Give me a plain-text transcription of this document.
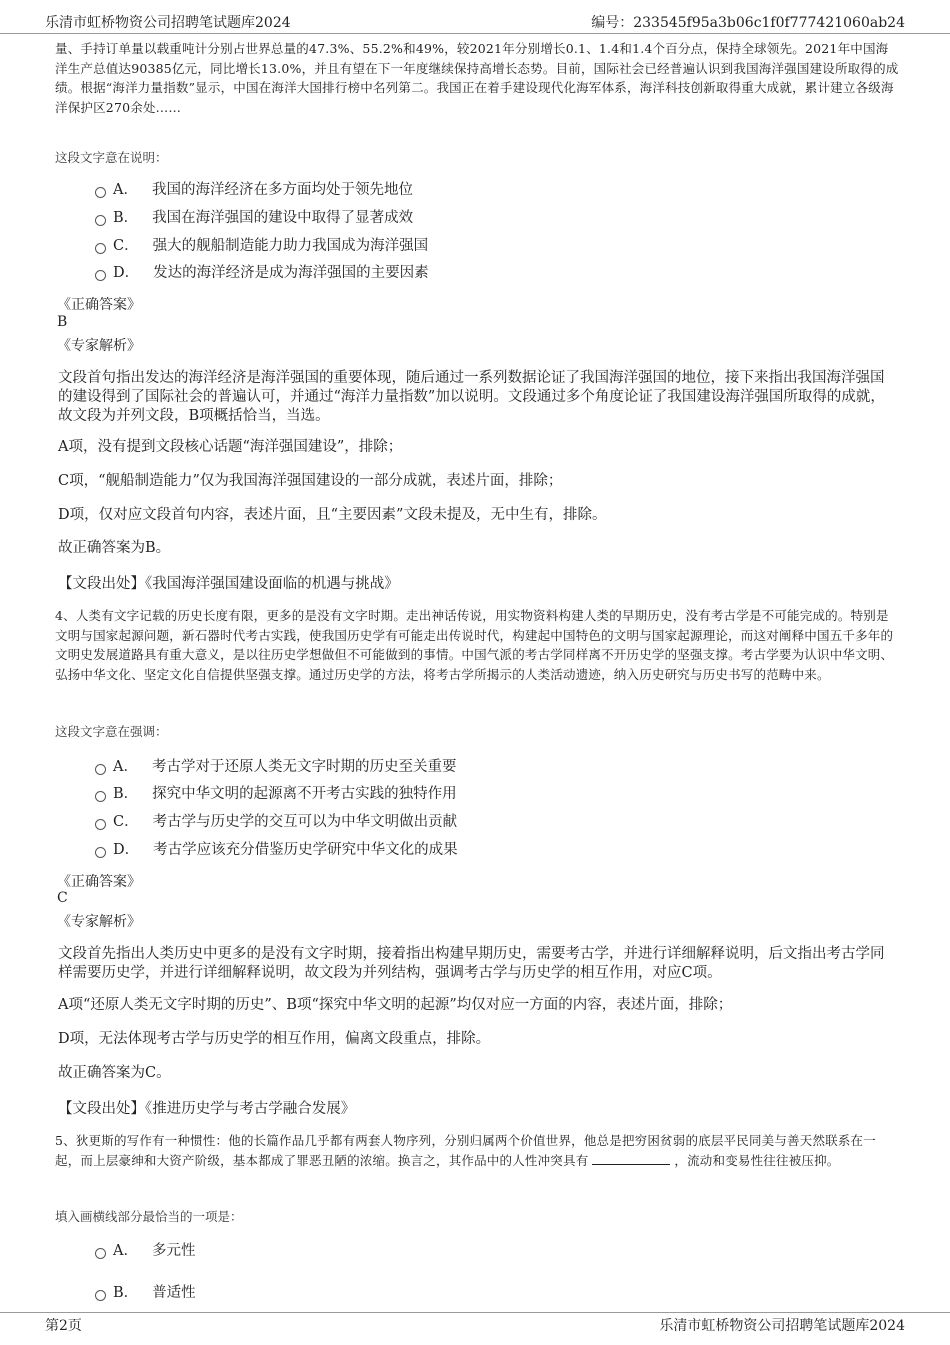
乐清市虹桥物资公司招聘笔试题库2024	编号：233545f95a3b06c1f0f777421060ab24

量、手持订单量以载重吨计分别占世界总量的47.3%、55.2%和49%，较2021年分别增长0.1、1.4和1.4个百分点，保持全球领先。2021年中国海洋生产总值达90385亿元，同比增长13.0%，并且有望在下一年度继续保持高增长态势。目前，国际社会已经普遍认识到我国海洋强国建设所取得的成绩。根据“海洋力量指数”显示，中国在海洋大国排行榜中名列第二。我国正在着手建设现代化海军体系，海洋科技创新取得重大成就，累计建立各级海洋保护区270余处……

这段文字意在说明：
A． 我国的海洋经济在多方面均处于领先地位
B． 我国在海洋强国的建设中取得了显著成效
C． 强大的舰船制造能力助力我国成为海洋强国
D． 发达的海洋经济是成为海洋强国的主要因素
《正确答案》
B
《专家解析》

文段首句指出发达的海洋经济是海洋强国的重要体现，随后通过一系列数据论证了我国海洋强国的地位，接下来指出我国海洋强国的建设得到了国际社会的普遍认可，并通过“海洋力量指数”加以说明。文段通过多个角度论证了我国建设海洋强国所取得的成就，故文段为并列文段，B项概括恰当，当选。

A项，没有提到文段核心话题“海洋强国建设”，排除；

C项，“舰船制造能力”仅为我国海洋强国建设的一部分成就，表述片面，排除；

D项，仅对应文段首句内容，表述片面，且“主要因素”文段未提及，无中生有，排除。

故正确答案为B。

【文段出处】《我国海洋强国建设面临的机遇与挑战》

4、人类有文字记载的历史长度有限，更多的是没有文字时期。走出神话传说，用实物资料构建人类的早期历史，没有考古学是不可能完成的。特别是文明与国家起源问题，新石器时代考古实践，使我国历史学有可能走出传说时代，构建起中国特色的文明与国家起源理论，而这对阐释中国五千多年的文明史发展道路具有重大意义，是以往历史学想做但不可能做到的事情。中国气派的考古学同样离不开历史学的坚强支撑。考古学要为认识中华文明、弘扬中华文化、坚定文化自信提供坚强支撑。通过历史学的方法，将考古学所揭示的人类活动遗迹，纳入历史研究与历史书写的范畴中来。

这段文字意在强调：
A． 考古学对于还原人类无文字时期的历史至关重要
B． 探究中华文明的起源离不开考古实践的独特作用
C． 考古学与历史学的交互可以为中华文明做出贡献
D． 考古学应该充分借鉴历史学研究中华文化的成果
《正确答案》
C
《专家解析》

文段首先指出人类历史中更多的是没有文字时期，接着指出构建早期历史，需要考古学，并进行详细解释说明，后文指出考古学同样需要历史学，并进行详细解释说明，故文段为并列结构，强调考古学与历史学的相互作用，对应C项。

A项“还原人类无文字时期的历史”、B项“探究中华文明的起源”均仅对应一方面的内容，表述片面，排除；

D项，无法体现考古学与历史学的相互作用，偏离文段重点，排除。

故正确答案为C。

【文段出处】《推进历史学与考古学融合发展》

5、狄更斯的写作有一种惯性：他的长篇作品几乎都有两套人物序列，分别归属两个价值世界，他总是把穷困贫弱的底层平民同美与善天然联系在一起，而上层豪绅和大资产阶级，基本都成了罪恶丑陋的浓缩。换言之，其作品中的人性冲突具有	，流动和变易性往往被压抑。

填入画横线部分最恰当的一项是：
A． 多元性
B． 普适性
第2页	乐清市虹桥物资公司招聘笔试题库2024
